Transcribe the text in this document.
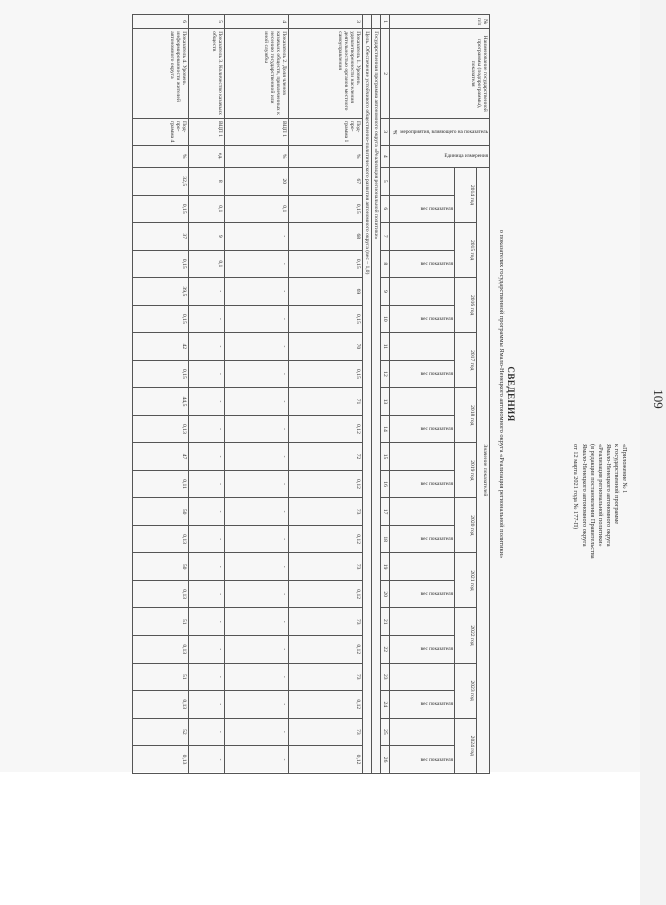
109
«Приложение № 1
к государственной программе
Ямало-Ненецкого автономного округа
«Реализация региональной политики»
(в редакции постановления Правительства
Ямало-Ненецкого автономного округа
от 12 марта 2021 года № 177-П)
СВЕДЕНИЯ
о показателях государственной программы Ямало-Ненецкого автономного округа «Реализация региональной политики»
№ п/п	Наименование государственной программы (подпрограммы), показателя	№ мероприятия, влияющего на показатель	Единица измерения	Значение показателей																					
				2014 год		2015 год		2016 год		2017 год		2018 год		2019 год		2020 год		2021 год		2022 год		2023 год		2024 год	
					вес показателя		вес показателя		вес показателя		вес показателя		вес показателя		вес показателя		вес показателя		вес показателя		вес показателя		вес показателя		вес показателя
1	2	3	4	5	6	7	8	9	10	11	12	13	14	15	16	17	18	19	20	21	22	23	24	25	26
	Государственная программа автономного округа «Реализация региональной политики»																								
	Цель. Обеспечение устойчивого общественно-политического развития автономного округа (вес – 1,0)																								
3	Показатель 1. Уровень удовлетворенности населения деятельностью органов местного самоуправления	Под-про-грамма 1	%	67	0,15	68	0,15	69	0,15	70	0,15	71	0,12	72	0,12	73	0,12	73	0,12	73	0,12	73	0,12	73	0,12
4	Показатель 2. Доля членов казачьих обществ, привлеченных к несению государственной или иной службы	ВЦП 1	%	20	0,1	-	-	-	-	-	-	-	-	-	-	-	-	-	-	-	-	-	-	-	-
5	Показатель 3. Количество казачьих обществ	ВЦП 1	ед.	8	0,1	9	0,1	-	-	-	-	-	-	-	-	-	-	-	-	-	-	-	-	-	-
6	Показатель 4. Уровень информированности жителей автономного округа	Под-про-грамма 4	%	32,5	0,15	37	0,15	39,5	0,15	42	0,15	44,5	0,13	47	0,11	50	0,13	50	0,13	51	0,13	51	0,13	52	0,13
